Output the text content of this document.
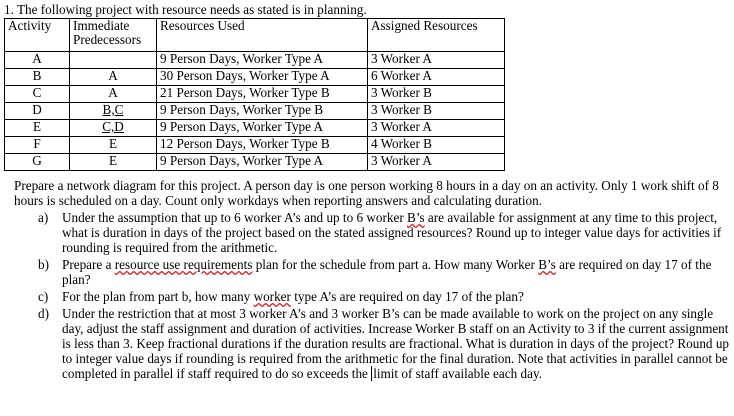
1. The following project with resource needs as stated is in planning.
Activity	Immediate
Predecessors	Resources Used	Assigned Resources
A		9 Person Days, Worker Type A	3 Worker A
B	A	30 Person Days, Worker Type A	6 Worker A
C	A	21 Person Days, Worker Type B	3 Worker B
D	B,C	9 Person Days, Worker Type B	3 Worker B
E	C,D	9 Person Days, Worker Type A	3 Worker A
F	E	12 Person Days, Worker Type B	4 Worker B
G	E	9 Person Days, Worker Type A	3 Worker A
Prepare a network diagram for this project. A person day is one person working 8 hours in a day on an activity. Only 1 work shift of 8 hours is scheduled on a day. Count only workdays when reporting answers and calculating duration.
a) Under the assumption that up to 6 worker A’s and up to 6 worker B’s are available for assignment at any time to this project, what is duration in days of the project based on the stated assigned resources? Round up to integer value days for activities if rounding is required from the arithmetic.
b) Prepare a resource use requirements plan for the schedule from part a. How many Worker B’s are required on day 17 of the plan?
c) For the plan from part b, how many worker type A’s are required on day 17 of the plan?
d) Under the restriction that at most 3 worker A’s and 3 worker B’s can be made available to work on the project on any single day, adjust the staff assignment and duration of activities. Increase Worker B staff on an Activity to 3 if the current assignment is less than 3. Keep fractional durations if the duration results are fractional. What is duration in days of the project? Round up to integer value days if rounding is required from the arithmetic for the final duration. Note that activities in parallel cannot be completed in parallel if staff required to do so exceeds the limit of staff available each day.
